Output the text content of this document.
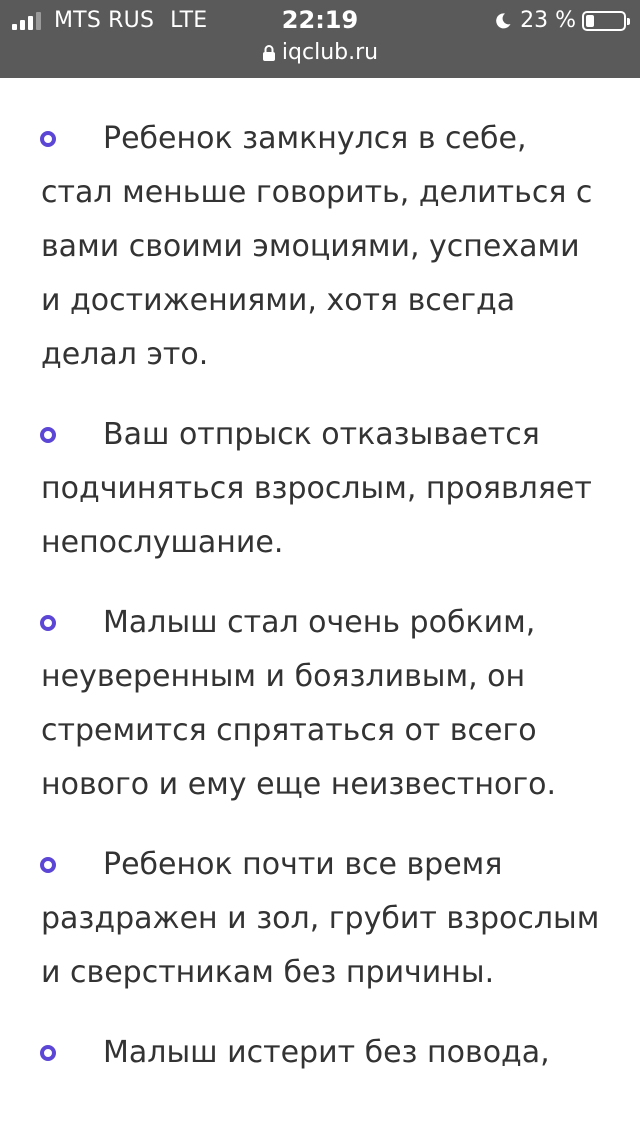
MTS RUS LTE	22:19	23 %
iqclub.ru
Ребенок замкнулся в себе, стал меньше говорить, делиться с вами своими эмоциями, успехами и достижениями, хотя всегда делал это.
Ваш отпрыск отказывается подчиняться взрослым, проявляет непослушание.
Малыш стал очень робким, неуверенным и боязливым, он стремится спрятаться от всего нового и ему еще неизвестного.
Ребенок почти все время раздражен и зол, грубит взрослым и сверстникам без причины.
Малыш истерит без повода,
